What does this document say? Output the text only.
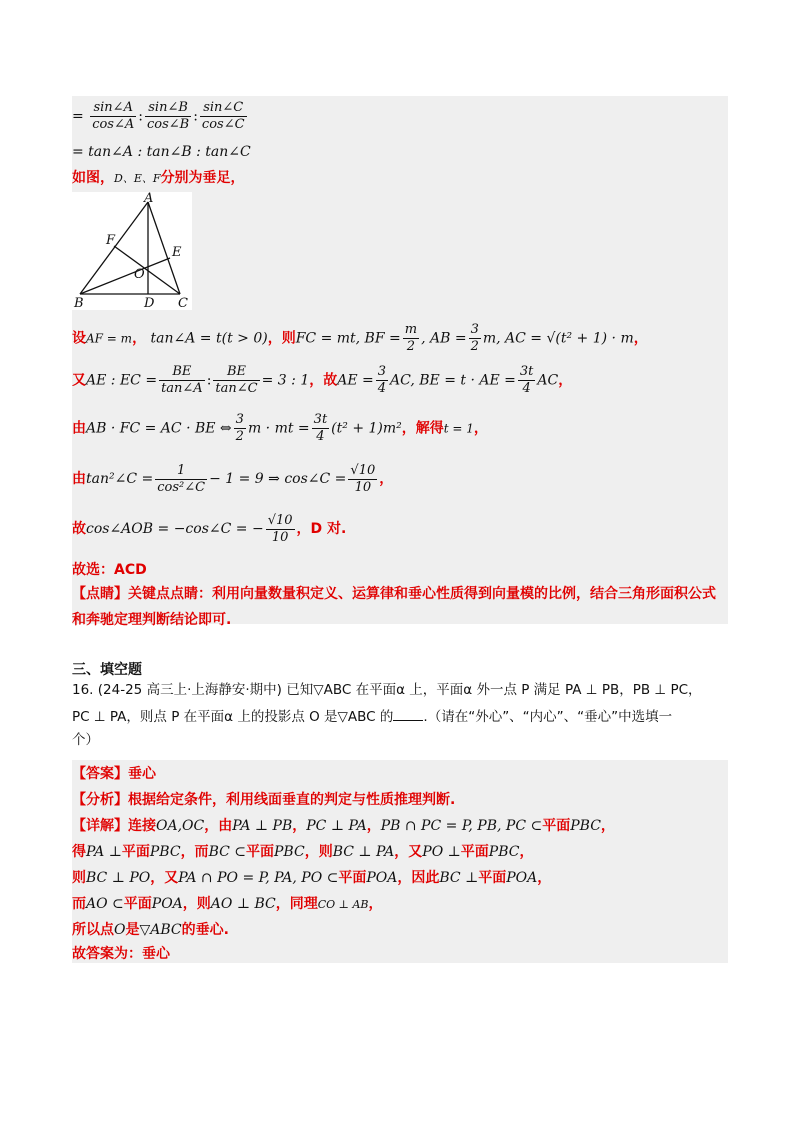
= $\frac{\sin\angle A}{\cos\angle A}$ : $\frac{\sin\angle B}{\cos\angle B}$ : $\frac{\sin\angle C}{\cos\angle C}$
= tan∠A : tan∠B : tan∠C
如图，D、E、F分别为垂足，
A
B	C
D
E
F
O
设AF = m， tan∠A = t(t > 0)，则FC = mt, BF = $\frac{m}{2}$ , AB = $\frac{3}{2} m$, AC = √(t² + 1) · m，
又AE : EC = $\frac{BE}{\tan\angle A}$ : $\frac{BE}{\tan\angle C} = 3$ : 1，故AE = $\frac{3}{4}$ AC, BE = t · AE = $\frac{3t}{4}$ AC，
由AB · FC = AC · BE ⇔ $\frac{3}{2}$ m · mt = $\frac{3t}{4} (t^2 + 1)m^2$，解得t = 1，
由tan²∠C = $\frac{1}{\text{cos²∠C}} - 1 = 9$ ⇒ cos∠C = $\frac{√10}{10}$ ，
故cos∠AOB = −cos∠C = − $\frac{√10}{10}$ ，D 对.
故选：ACD
【点睛】关键点点睛：利用向量数量积定义、运算律和垂心性质得到向量模的比例，结合三角形面积公式
和奔驰定理判断结论即可.
三、填空题
16. (24-25 高三上·上海静安·期中) 已知▽ABC 在平面α 上，平面α 外一点 P 满足 PA ⊥ PB，PB ⊥ PC，
PC ⊥ PA，则点 P 在平面α 上的投影点 O 是▽ABC 的 .（请在“外心”、“内心”、“垂心”中选填一
个）
【答案】垂心
【分析】根据给定条件，利用线面垂直的判定与性质推理判断.
【详解】连接OA,OC，由PA ⊥ PB，PC ⊥ PA，PB ∩ PC = P, PB, PC ⊂平面PBC，
得PA ⊥平面PBC，而BC ⊂平面PBC，则BC ⊥ PA，又PO ⊥平面PBC，
则BC ⊥ PO，又PA ∩ PO = P, PA, PO ⊂平面POA，因此BC ⊥平面POA，
而AO ⊂平面POA，则AO ⊥ BC，同理CO ⊥ AB，
所以点O是▽ABC的垂心.
故答案为：垂心
